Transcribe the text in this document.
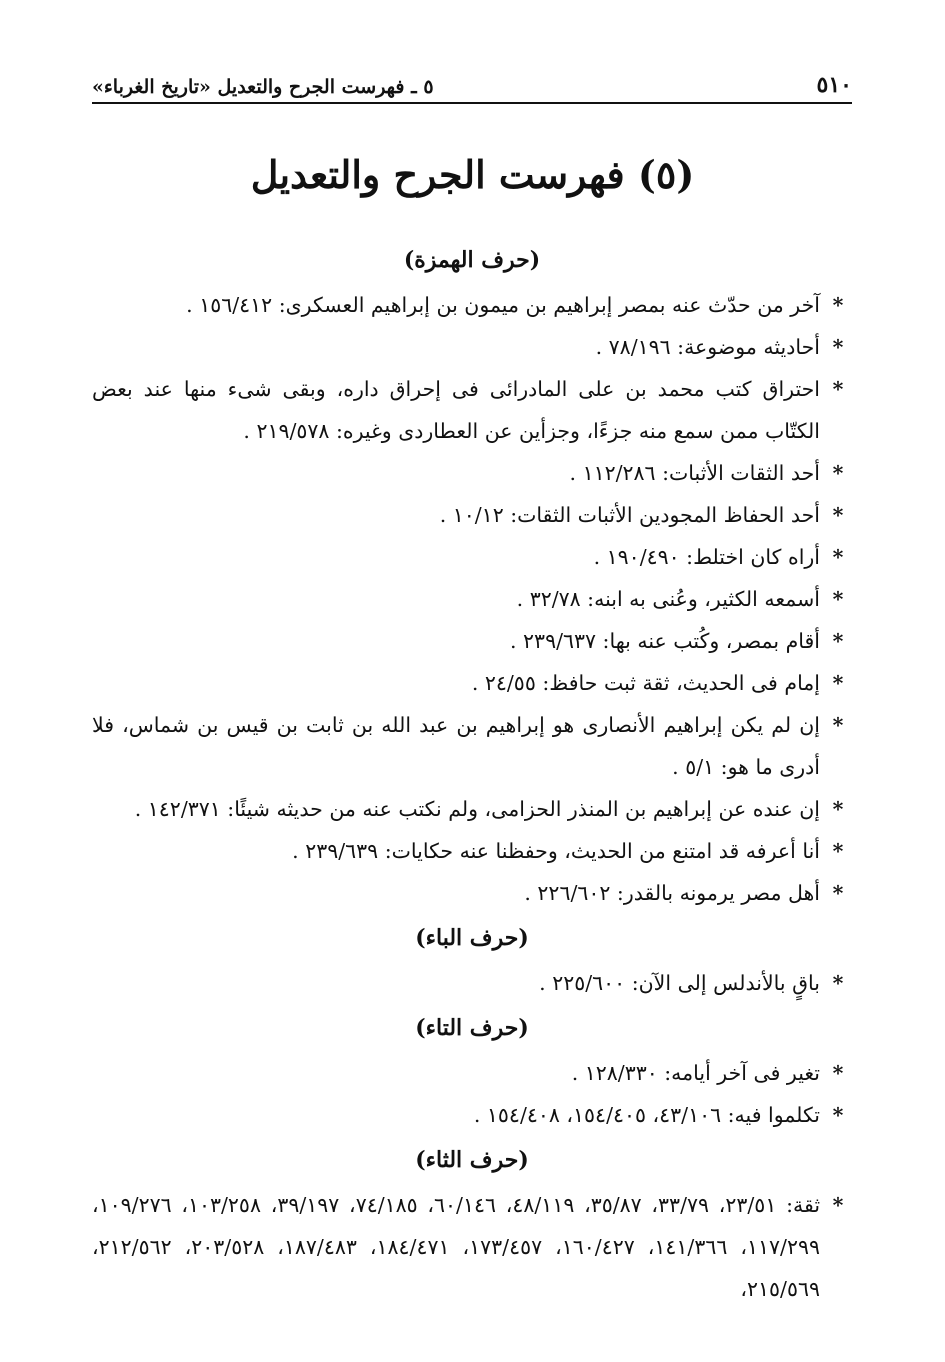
٥١٠
٥ ـ فهرست الجرح والتعديل «تاريخ الغرباء»
(٥) فهرست الجرح والتعديل

(حرف الهمزة)

*
آخر من حدّث عنه بمصر إبراهيم بن ميمون بن إبراهيم العسكرى: ١٥٦/٤١٢ .

*
أحاديثه موضوعة: ٧٨/١٩٦ .

*
احتراق كتب محمد بن على المادرائى فى إحراق داره، وبقى شىء منها عند بعض الكتّاب ممن سمع منه جزءًا، وجزأين عن العطاردى وغيره: ٢١٩/٥٧٨ .

*
أحد الثقات الأثبات: ١١٢/٢٨٦ .

*
أحد الحفاظ المجودين الأثبات الثقات: ١٠/١٢ .

*
أراه كان اختلط: ١٩٠/٤٩٠ .

*
أسمعه الكثير، وعُنى به ابنه: ٣٢/٧٨ .

*
أقام بمصر، وكُتب عنه بها: ٢٣٩/٦٣٧ .

*
إمام فى الحديث، ثقة ثبت حافظ: ٢٤/٥٥ .

*
إن لم يكن إبراهيم الأنصارى هو إبراهيم بن عبد الله بن ثابت بن قيس بن شماس، فلا أدرى ما هو: ٥/١ .

*
إن عنده عن إبراهيم بن المنذر الحزامى، ولم نكتب عنه من حديثه شيئًا: ١٤٢/٣٧١ .

*
أنا أعرفه قد امتنع من الحديث، وحفظنا عنه حكايات: ٢٣٩/٦٣٩ .

*
أهل مصر يرمونه بالقدر: ٢٢٦/٦٠٢ .

(حرف الباء)

*
باقٍ بالأندلس إلى الآن: ٢٢٥/٦٠٠ .

(حرف التاء)

*
تغير فى آخر أيامه: ١٢٨/٣٣٠ .

*
تكلموا فيه: ٤٣/١٠٦، ١٥٤/٤٠٥، ١٥٤/٤٠٨ .

(حرف الثاء)

*
ثقة: ٢٣/٥١، ٣٣/٧٩، ٣٥/٨٧، ٤٨/١١٩، ٦٠/١٤٦، ٧٤/١٨٥، ٣٩/١٩٧، ١٠٣/٢٥٨، ١٠٩/٢٧٦، ١١٧/٢٩٩، ١٤١/٣٦٦، ١٦٠/٤٢٧، ١٧٣/٤٥٧، ١٨٤/٤٧١، ١٨٧/٤٨٣، ٢٠٣/٥٢٨، ٢١٢/٥٦٢، ٢١٥/٥٦٩،
